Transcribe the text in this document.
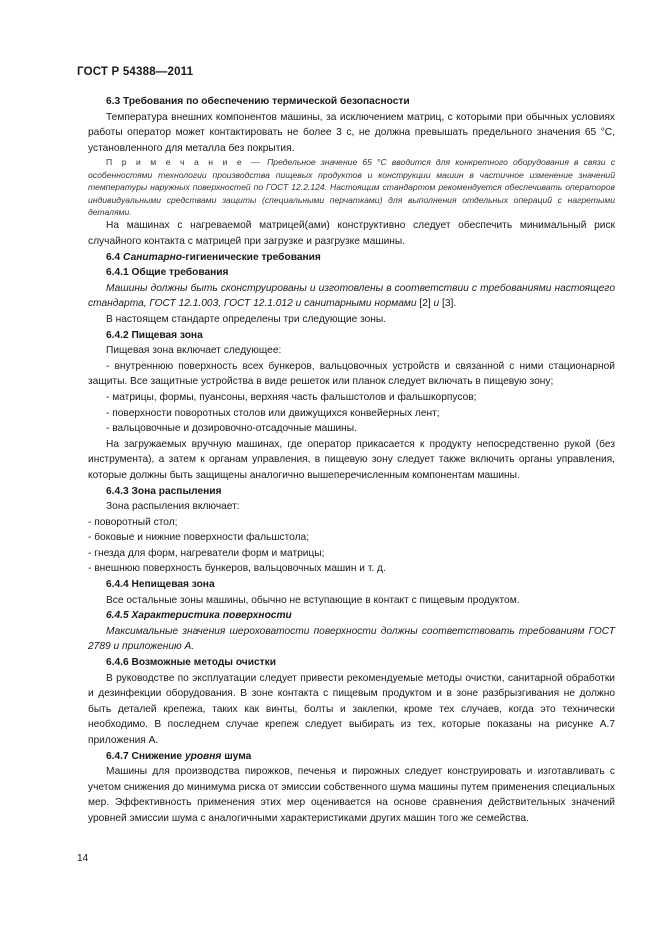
ГОСТ Р 54388—2011

6.3 Требования по обеспечению термической безопасности

Температура внешних компонентов машины, за исключением матриц, с которыми при обычных условиях работы оператор может контактировать не более 3 с, не должна превышать предельного значения 65 °С, установленного для металла без покрытия.

П р и м е ч а н и е — Предельное значение 65 °С вводится для конкретного оборудования в связи с особенностями технологии производства пищевых продуктов и конструкции машин в частичное изменение значений температуры наружных поверхностей по ГОСТ 12.2.124. Настоящим стандартом рекомендуется обеспечивать операторов индивидуальными средствами защиты (специальными перчатками) для выполнения отдельных операций с нагретыми деталями.

На машинах с нагреваемой матрицей(ами) конструктивно следует обеспечить минимальный риск случайного контакта с матрицей при загрузке и разгрузке машины.

6.4 Санитарно-гигиенические требования

6.4.1 Общие требования

Машины должны быть сконструированы и изготовлены в соответствии с требованиями настоящего стандарта, ГОСТ 12.1.003, ГОСТ 12.1.012 и санитарными нормами [2] и [3].

В настоящем стандарте определены три следующие зоны.

6.4.2 Пищевая зона

Пищевая зона включает следующее:

- внутреннюю поверхность всех бункеров, вальцовочных устройств и связанной с ними стационарной защиты. Все защитные устройства в виде решеток или планок следует включать в пищевую зону;

- матрицы, формы, пуансоны, верхняя часть фальшстолов и фальшкорпусов;

- поверхности поворотных столов или движущихся конвейерных лент;

- вальцовочные и дозировочно-отсадочные машины.

На загружаемых вручную машинах, где оператор прикасается к продукту непосредственно рукой (без инструмента), а затем к органам управления, в пищевую зону следует также включить органы управления, которые должны быть защищены аналогично вышеперечисленным компонентам машины.

6.4.3 Зона распыления

Зона распыления включает:

- поворотный стол;

- боковые и нижние поверхности фальшстола;

- гнезда для форм, нагреватели форм и матрицы;

- внешнюю поверхность бункеров, вальцовочных машин и т. д.

6.4.4 Непищевая зона

Все остальные зоны машины, обычно не вступающие в контакт с пищевым продуктом.

6.4.5 Характеристика поверхности

Максимальные значения шероховатости поверхности должны соответствовать требованиям ГОСТ 2789 и приложению А.

6.4.6 Возможные методы очистки

В руководстве по эксплуатации следует привести рекомендуемые методы очистки, санитарной обработки и дезинфекции оборудования. В зоне контакта с пищевым продуктом и в зоне разбрызгивания не должно быть деталей крепежа, таких как винты, болты и заклепки, кроме тех случаев, когда это технически необходимо. В последнем случае крепеж следует выбирать из тех, которые показаны на рисунке А.7 приложения А.

6.4.7 Снижение уровня шума

Машины для производства пирожков, печенья и пирожных следует конструировать и изготавливать с учетом снижения до минимума риска от эмиссии собственного шума машины путем применения специальных мер. Эффективность применения этих мер оценивается на основе сравнения действительных значений уровней эмиссии шума с аналогичными характеристиками других машин того же семейства.

14
